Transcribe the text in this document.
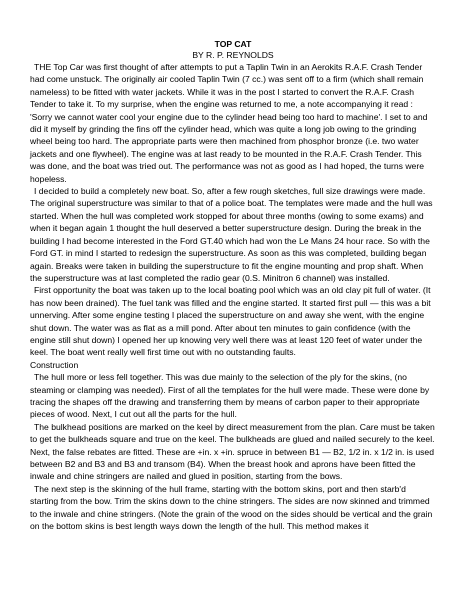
TOP CAT

BY R. P. REYNOLDS

THE Top Car was first thought of after attempts to put a Taplin Twin in an Aerokits R.A.F. Crash Tender had come unstuck. The originally air cooled Taplin Twin (7 cc.) was sent off to a firm (which shall remain nameless) to be fitted with water jackets. While it was in the post I started to convert the R.A.F. Crash Tender to take it. To my surprise, when the engine was returned to me, a note accompanying it read : 'Sorry we cannot water cool your engine due to the cylinder head being too hard to machine'. I set to and did it myself by grinding the fins off the cylinder head, which was quite a long job owing to the grinding wheel being too hard. The appropriate parts were then machined from phosphor bronze (i.e. two water jackets and one flywheel). The engine was at last ready to be mounted in the R.A.F. Crash Tender. This was done, and the boat was tried out. The performance was not as good as I had hoped, the turns were hopeless.

I decided to build a completely new boat. So, after a few rough sketches, full size drawings were made. The original superstructure was similar to that of a police boat. The templates were made and the hull was started. When the hull was completed work stopped for about three months (owing to some exams) and when it began again 1 thought the hull deserved a better superstructure design. During the break in the building I had become interested in the Ford GT.40 which had won the Le Mans 24 hour race. So with the Ford GT. in mind I started to redesign the superstructure. As soon as this was completed, building began again. Breaks were taken in building the superstructure to fit the engine mounting and prop shaft. When the superstructure was at last completed the radio gear (0.S. Minitron 6 channel) was installed.

First opportunity the boat was taken up to the local boating pool which was an old clay pit full of water. (It has now been drained). The fuel tank was filled and the engine started. It started first pull — this was a bit unnerving. After some engine testing I placed the superstructure on and away she went, with the engine shut down. The water was as flat as a mill pond. After about ten minutes to gain confidence (with the engine still shut down) I opened her up knowing very well there was at least 120 feet of water under the keel. The boat went really well first time out with no outstanding faults.

Construction

The hull more or less fell together. This was due mainly to the selection of the ply for the skins, (no steaming or clamping was needed). First of all the templates for the hull were made. These were done by tracing the shapes off the drawing and transferring them by means of carbon paper to their appropriate pieces of wood. Next, I cut out all the parts for the hull.

The bulkhead positions are marked on the keel by direct measurement from the plan. Care must be taken to get the bulkheads square and true on the keel. The bulkheads are glued and nailed securely to the keel. Next, the false rebates are fitted. These are +in. x +in. spruce in between B1 — B2, 1/2 in. x 1/2 in. is used between B2 and B3 and B3 and transom (B4). When the breast hook and aprons have been fitted the inwale and chine stringers are nailed and glued in position, starting from the bows.

The next step is the skinning of the hull frame, starting with the bottom skins, port and then starb'd starting from the bow. Trim the skins down to the chine stringers. The sides are now skinned and trimmed to the inwale and chine stringers. (Note the grain of the wood on the sides should be vertical and the grain on the bottom skins is best length ways down the length of the hull. This method makes it
